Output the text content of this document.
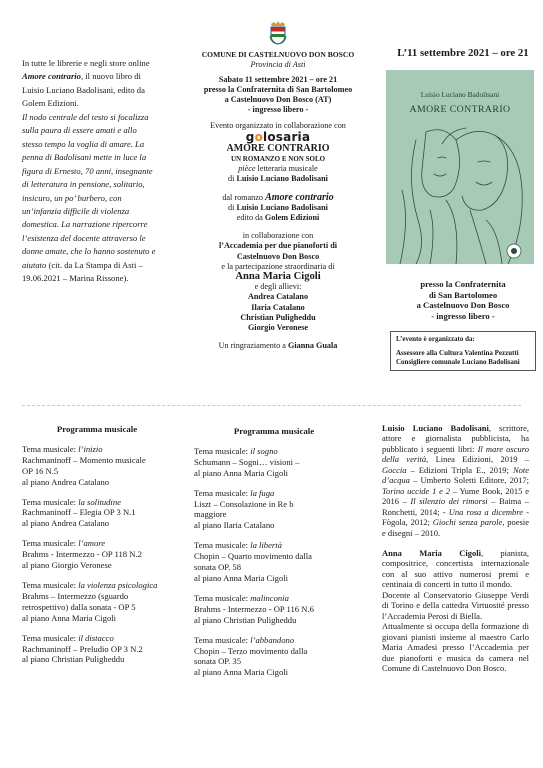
In tutte le librerie e negli store online
Amore contrario, il nuovo libro di
Luisio Luciano Badolisani, edito da
Golem Edizioni.
Il nodo centrale del testo si focalizza
sulla paura di essere amati e allo
stesso tempo la voglia di amare. La
penna di Badolisani mette in luce la
figura di Ernesto, 70 anni, insegnante
di letteratura in pensione, solitario,
insicuro, un po’ burbero, con
un’infanzia difficile di violenza
domestica. La narrazione ripercorre
l’esistenza del docente attraverso le
donne amate, che lo hanno sostenuto e
aiutato (cit. da La Stampa di Asti –
19.06.2021 – Marina Rissone).
COMUNE DI CASTELNUOVO DON BOSCO
Provincia di Asti
Sabato 11 settembre 2021 – ore 21
presso la Confraternita di San Bartolomeo
a Castelnuovo Don Bosco (AT)
- ingresso libero -
Evento organizzato in collaborazione con
golosaria
AMORE CONTRARIO
UN ROMANZO E NON SOLO
pièce letteraria musicale
di Luisio Luciano Badolisani
dal romanzo Amore contrario
di Luisio Luciano Badolisani
edito da Golem Edizioni
in collaborazione con
l’Accademia per due pianoforti di
Castelnuovo Don Bosco
e la partecipazione straordinaria di
Anna Maria Cigoli
e degli allievi:
Andrea Catalano
Ilaria Catalano
Christian Puligheddu
Giorgio Veronese
Un ringraziamento a Gianna Guala
L’11 settembre 2021 – ore 21
Luisio Luciano Badolisani
AMORE CONTRARIO
presso la Confraternita
di San Bartolomeo
a Castelnuovo Don Bosco
- ingresso libero -
L’evento è organizzato da:
Assessore alla Cultura Valentina Pezzutti
Consigliere comunale Luciano Badolisani
Programma musicale
Tema musicale: l’inizio
Rachmaninoff – Momento musicale
OP 16 N.5
al piano Andrea Catalano
Tema musicale: la solitudine
Rachmaninoff – Elegia OP 3 N.1
al piano Andrea Catalano
Tema musicale: l’amore
Brahms - Intermezzo - OP 118 N.2
al piano Giorgio Veronese
Tema musicale: la violenza psicologica
Brahms – Intermezzo (sguardo
retrospettivo) dalla sonata - OP 5
al piano Anna Maria Cigoli
Tema musicale: il distacco
Rachmaninoff – Preludio OP 3 N.2
al piano Christian Puligheddu
Programma musicale
Tema musicale: il sogno
Schumann – Sogni… visioni –
al piano Anna Maria Cigoli
Tema musicale: la fuga
Liszt – Consolazione in Re b
maggiore
al piano Ilaria Catalano
Tema musicale: la libertà
Chopin – Quarto movimento dalla
sonata OP. 58
al piano Anna Maria Cigoli
Tema musicale: malinconia
Brahms - Intermezzo - OP 116 N.6
al piano Christian Puligheddu
Tema musicale: l’abbandono
Chopin – Terzo movimento dalla
sonata OP. 35
al piano Anna Maria Cigoli

Luisio Luciano Badolisani, scrittore, attore e giornalista pubblicista, ha pubblicato i seguenti libri: Il mare oscuro della verità, Linea Edizioni, 2019 – Goccia – Edizioni Tripla E., 2019; Note d’acqua – Umberto Soletti Editore, 2017; Torino uccide 1 e 2 – Yume Book, 2015 e 2016 – Il silenzio dei rimorsi – Baima – Ronchetti, 2014; - Una rosa a dicembre - Fògola, 2012; Giochi senza parole, poesie e disegni – 2010.

Anna Maria Cigoli, pianista, compositrice, concertista internazionale con al suo attivo numerosi premi e centinaia di concerti in tutto il mondo.

Docente al Conservatorio Giuseppe Verdi di Torino e della cattedra Virtuosité presso l’Accademia Perosi di Biella.

Attualmente si occupa della formazione di giovani pianisti insieme al maestro Carlo Maria Amadesi presso l’Accademia per due pianoforti e musica da camera nel Comune di Castelnuovo Don Bosco.
